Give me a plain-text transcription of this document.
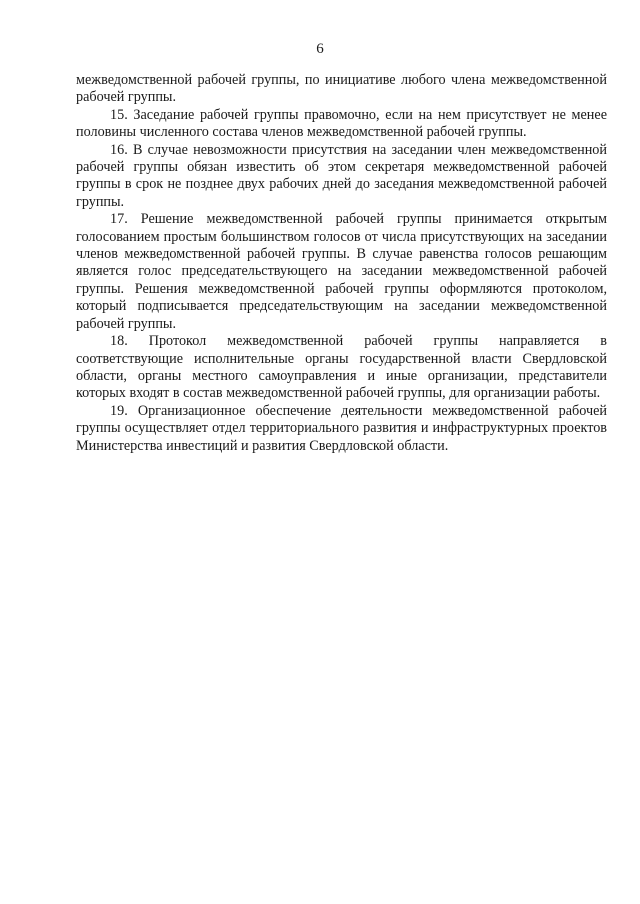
6

межведомственной рабочей группы, по инициативе любого члена межведомственной рабочей группы.

15. Заседание рабочей группы правомочно, если на нем присутствует не менее половины численного состава членов межведомственной рабочей группы.

16. В случае невозможности присутствия на заседании член межведомственной рабочей группы обязан известить об этом секретаря межведомственной рабочей группы в срок не позднее двух рабочих дней до заседания межведомственной рабочей группы.

17. Решение межведомственной рабочей группы принимается открытым голосованием простым большинством голосов от числа присутствующих на заседании членов межведомственной рабочей группы. В случае равенства голосов решающим является голос председательствующего на заседании межведомственной рабочей группы. Решения межведомственной рабочей группы оформляются протоколом, который подписывается председательствующим на заседании межведомственной рабочей группы.

18. Протокол межведомственной рабочей группы направляется в соответствующие исполнительные органы государственной власти Свердловской области, органы местного самоуправления и иные организации, представители которых входят в состав межведомственной рабочей группы, для организации работы.

19. Организационное обеспечение деятельности межведомственной рабочей группы осуществляет отдел территориального развития и инфраструктурных проектов Министерства инвестиций и развития Свердловской области.
